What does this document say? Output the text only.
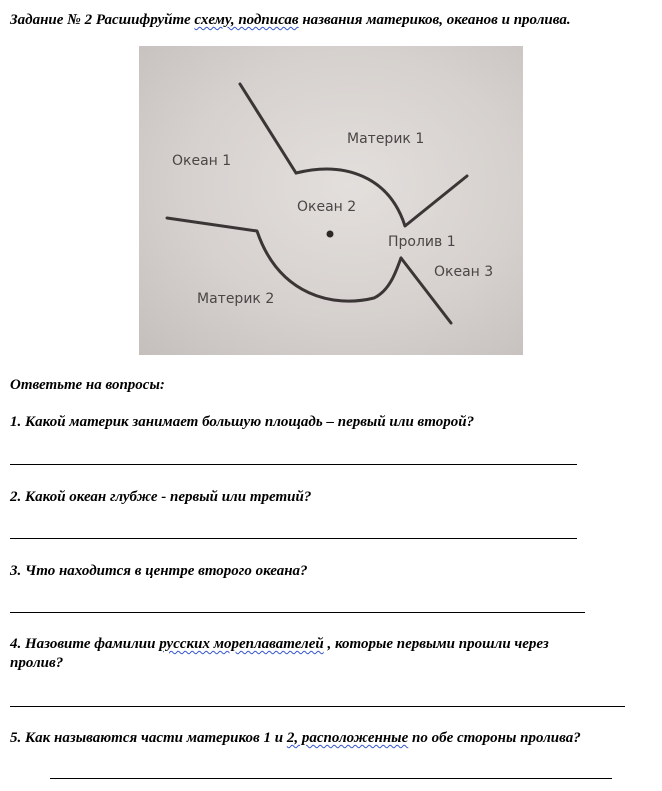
Задание № 2 Расшифруйте схему, подписав названия материков, океанов и пролива.
Материк 1
Океан 1
Океан 2
Пролив 1
Океан 3
Материк 2
Ответьте на вопросы:
1. Какой материк занимает большую площадь – первый или второй?
2. Какой океан глубже - первый или третий?
3. Что находится в центре второго океана?
4. Назовите фамилии русских мореплавателей , которые первыми прошли через
пролив?
5. Как называются части материков 1 и 2, расположенные по обе стороны пролива?
